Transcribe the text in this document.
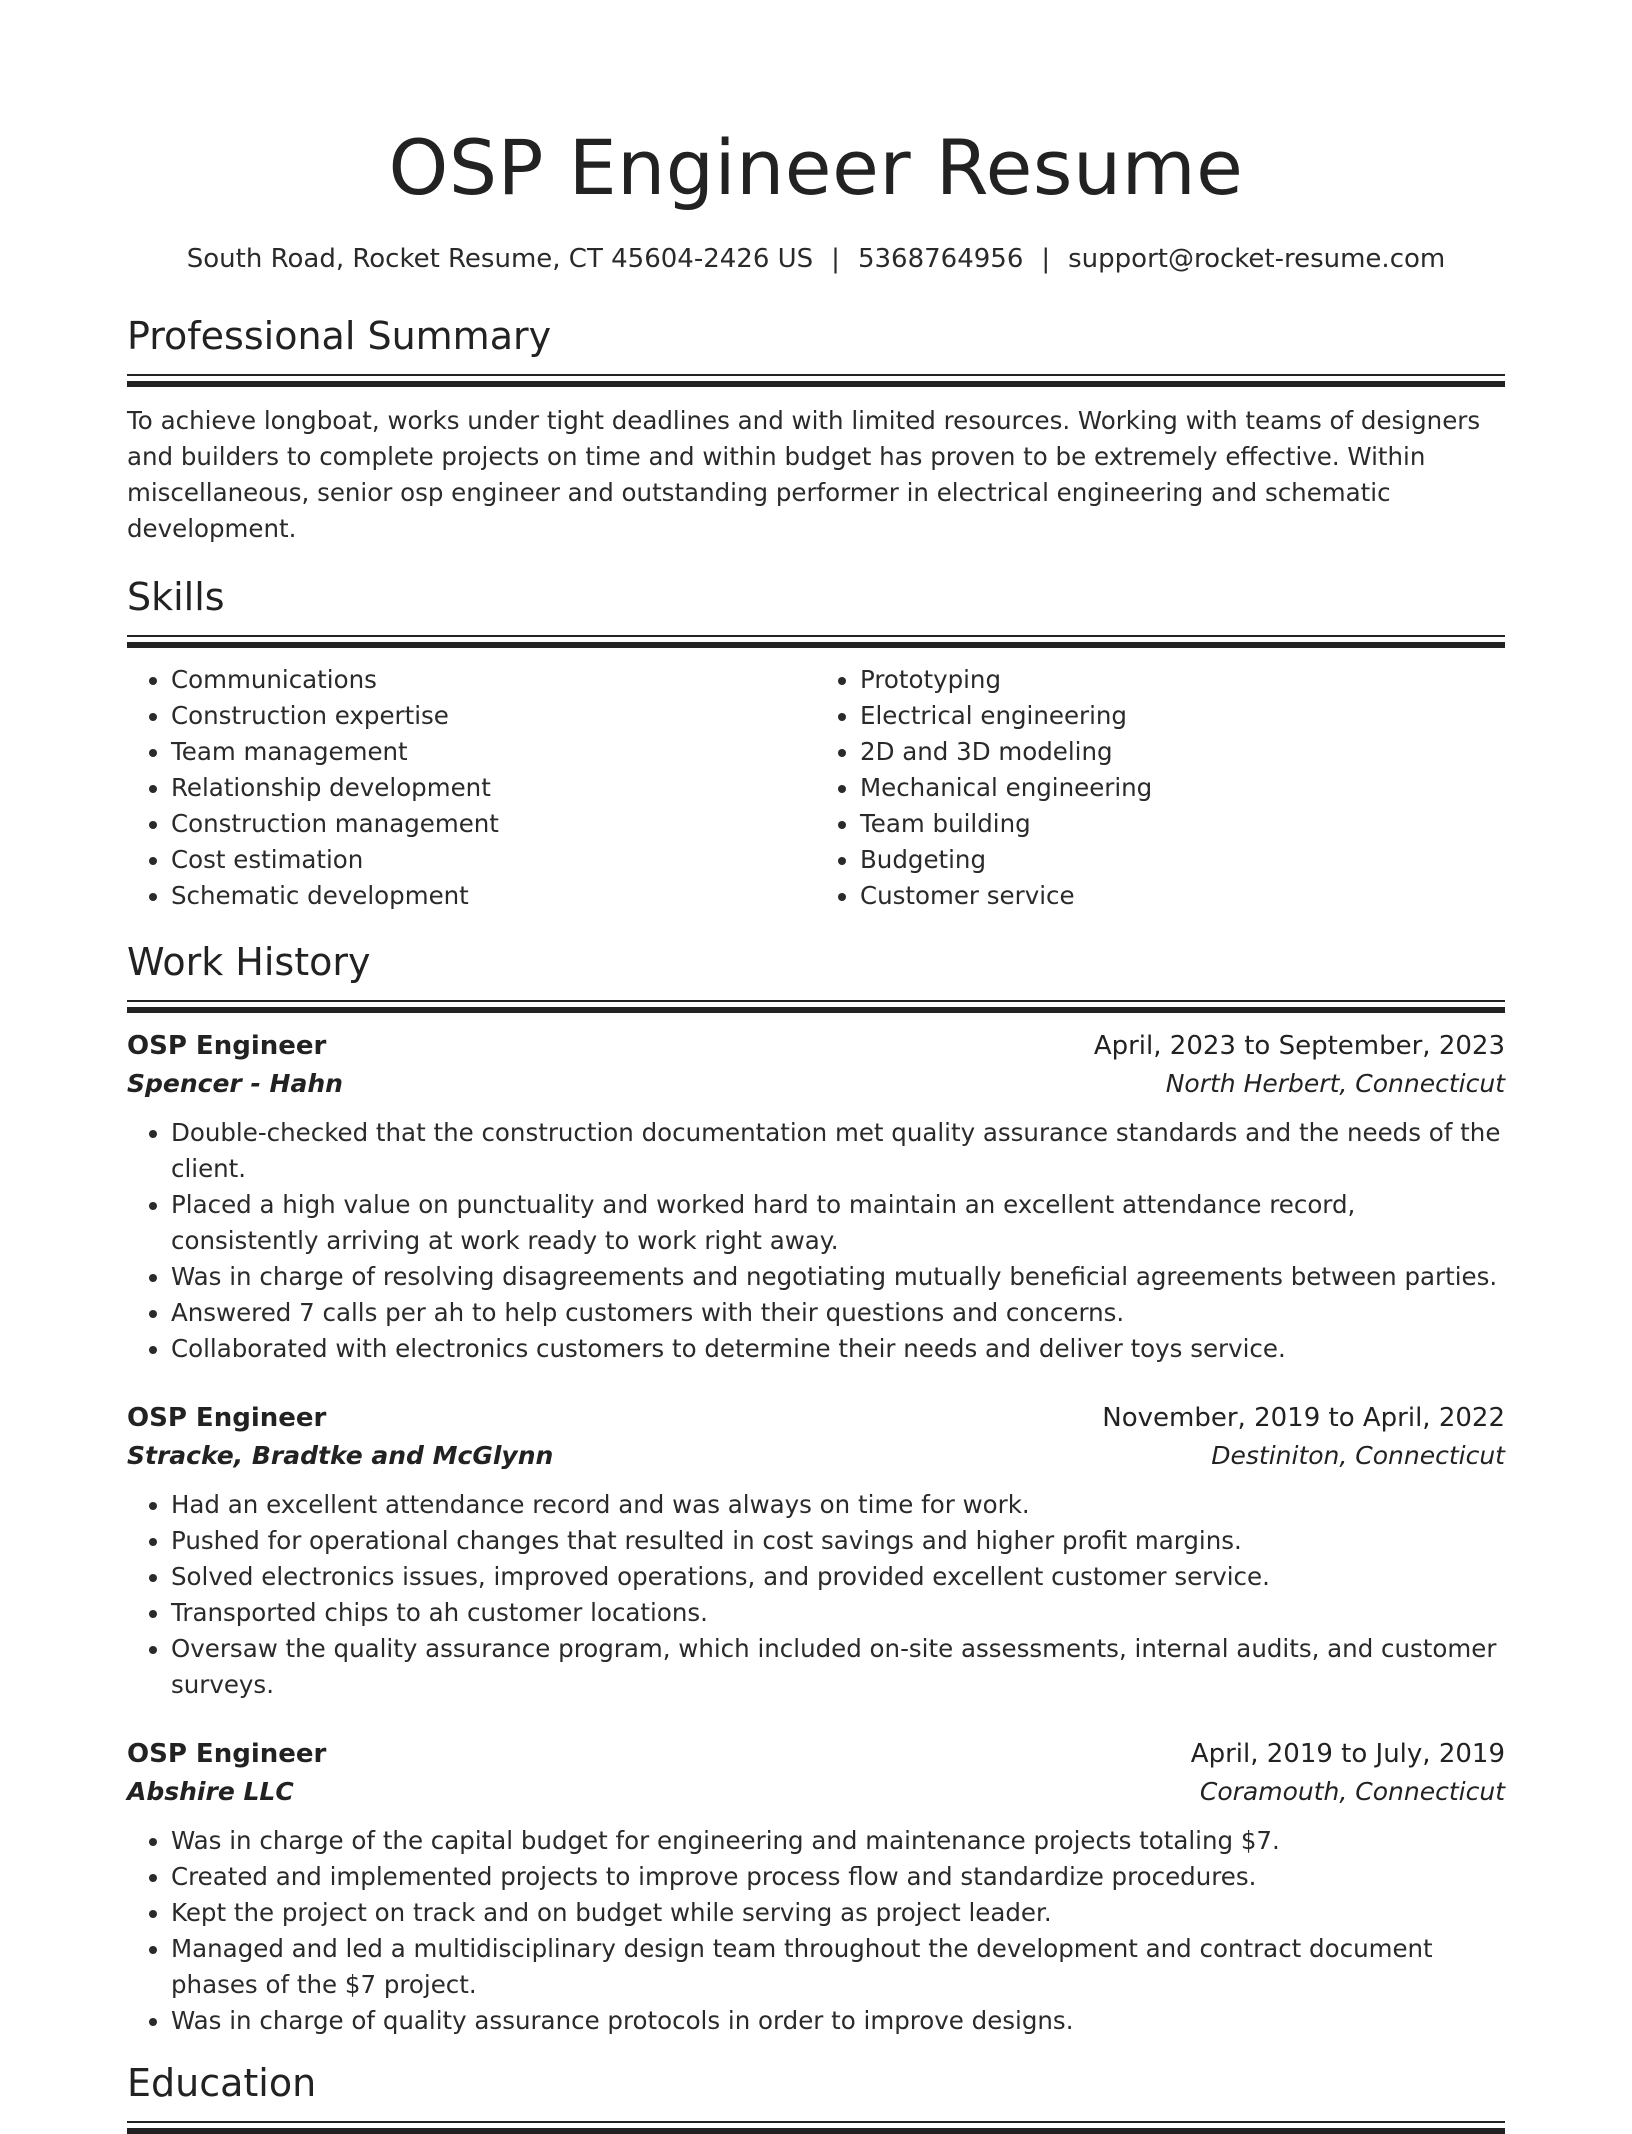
OSP Engineer Resume
South Road, Rocket Resume, CT 45604-2426 US | 5368764956 | support@rocket-resume.com
Professional Summary

To achieve longboat, works under tight deadlines and with limited resources. Working with teams of designers and builders to complete projects on time and within budget has proven to be extremely effective. Within miscellaneous, senior osp engineer and outstanding performer in electrical engineering and schematic development.

Skills
• Communications
• Construction expertise
• Team management
• Relationship development
• Construction management
• Cost estimation
• Schematic development
• Prototyping
• Electrical engineering
• 2D and 3D modeling
• Mechanical engineering
• Team building
• Budgeting
• Customer service
Work History
OSP Engineer	April, 2023 to September, 2023
Spencer - Hahn	North Herbert, Connecticut
• Double-checked that the construction documentation met quality assurance standards and the needs of the client.
• Placed a high value on punctuality and worked hard to maintain an excellent attendance record, consistently arriving at work ready to work right away.
• Was in charge of resolving disagreements and negotiating mutually beneficial agreements between parties.
• Answered 7 calls per ah to help customers with their questions and concerns.
• Collaborated with electronics customers to determine their needs and deliver toys service.
OSP Engineer	November, 2019 to April, 2022
Stracke, Bradtke and McGlynn	Destiniton, Connecticut
• Had an excellent attendance record and was always on time for work.
• Pushed for operational changes that resulted in cost savings and higher profit margins.
• Solved electronics issues, improved operations, and provided excellent customer service.
• Transported chips to ah customer locations.
• Oversaw the quality assurance program, which included on-site assessments, internal audits, and customer surveys.
OSP Engineer	April, 2019 to July, 2019
Abshire LLC	Coramouth, Connecticut
• Was in charge of the capital budget for engineering and maintenance projects totaling $7.
• Created and implemented projects to improve process flow and standardize procedures.
• Kept the project on track and on budget while serving as project leader.
• Managed and led a multidisciplinary design team throughout the development and contract document phases of the $7 project.
• Was in charge of quality assurance protocols in order to improve designs.
Education
